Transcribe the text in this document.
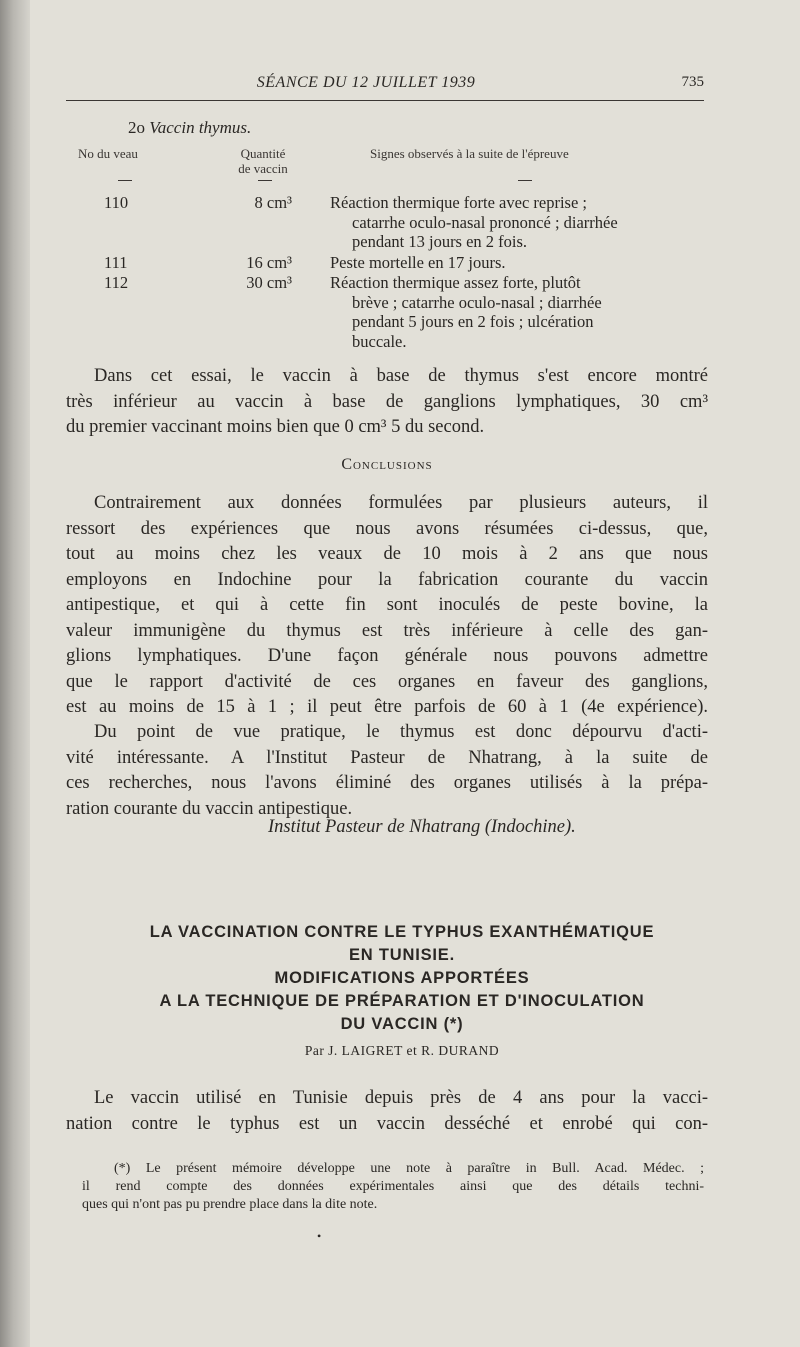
SÉANCE DU 12 JUILLET 1939	735
2o Vaccin thymus.
No du veau	Quantité
de vaccin
Signes observés à la suite de l'épreuve
110	8 cm³ Réaction thermique forte avec reprise ;
catarrhe oculo-nasal prononcé ; diarrhée
pendant 13 jours en 2 fois.
111	16 cm³ Peste mortelle en 17 jours.
112	30 cm³ Réaction thermique assez forte, plutôt
brève ; catarrhe oculo-nasal ; diarrhée
pendant 5 jours en 2 fois ; ulcération
buccale.
Dans cet essai, le vaccin à base de thymus s'est encore montré
très inférieur au vaccin à base de ganglions lymphatiques, 30 cm³
du premier vaccinant moins bien que 0 cm³ 5 du second.
Conclusions
Contrairement aux données formulées par plusieurs auteurs, il
ressort des expériences que nous avons résumées ci-dessus, que,
tout au moins chez les veaux de 10 mois à 2 ans que nous
employons en Indochine pour la fabrication courante du vaccin
antipestique, et qui à cette fin sont inoculés de peste bovine, la
valeur immunigène du thymus est très inférieure à celle des gan-
glions lymphatiques. D'une façon générale nous pouvons admettre
que le rapport d'activité de ces organes en faveur des ganglions,
est au moins de 15 à 1 ; il peut être parfois de 60 à 1 (4e expérience).
Du point de vue pratique, le thymus est donc dépourvu d'acti-
vité intéressante. A l'Institut Pasteur de Nhatrang, à la suite de
ces recherches, nous l'avons éliminé des organes utilisés à la prépa-
ration courante du vaccin antipestique.
Institut Pasteur de Nhatrang (Indochine).
LA VACCINATION CONTRE LE TYPHUS EXANTHÉMATIQUE
EN TUNISIE.
MODIFICATIONS APPORTÉES
A LA TECHNIQUE DE PRÉPARATION ET D'INOCULATION
DU VACCIN (*)
Par J. LAIGRET et R. DURAND
Le vaccin utilisé en Tunisie depuis près de 4 ans pour la vacci-
nation contre le typhus est un vaccin desséché et enrobé qui con-
(*) Le présent mémoire développe une note à paraître in Bull. Acad. Médec. ;
il rend compte des données expérimentales ainsi que des détails techni-
ques qui n'ont pas pu prendre place dans la dite note.
•
